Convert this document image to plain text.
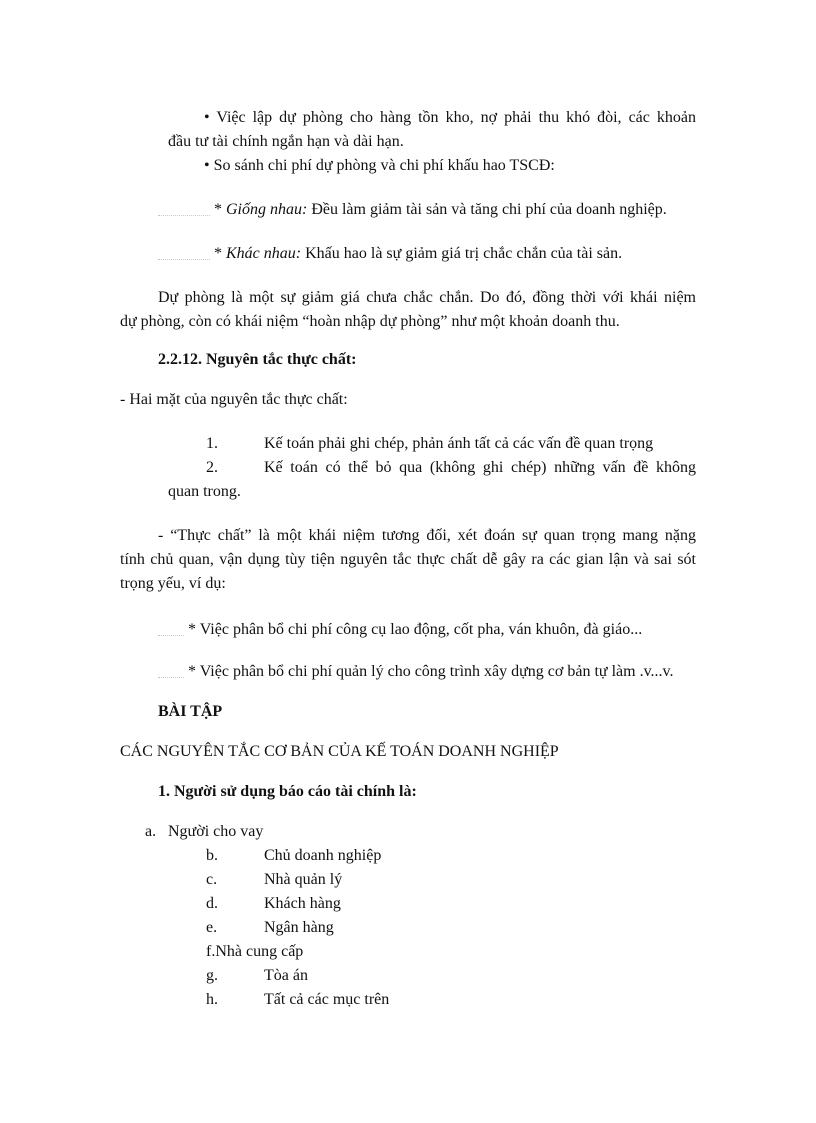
• Việc lập dự phòng cho hàng tồn kho, nợ phải thu khó đòi, các khoản
đầu tư tài chính ngắn hạn và dài hạn.
• So sánh chi phí dự phòng và chi phí khấu hao TSCĐ:
* Giống nhau: Đều làm giảm tài sản và tăng chi phí của doanh nghiệp.
* Khác nhau: Khấu hao là sự giảm giá trị chắc chắn của tài sản.
Dự phòng là một sự giảm giá chưa chắc chắn. Do đó, đồng thời với khái niệm
dự phòng, còn có khái niệm “hoàn nhập dự phòng” như một khoản doanh thu.
2.2.12. Nguyên tắc thực chất:
- Hai mặt của nguyên tắc thực chất:
1.	Kế toán phải ghi chép, phản ánh tất cả các vấn đề quan trọng
2.	Kế toán có thể bỏ qua (không ghi chép) những vấn đề không
quan trong.
- “Thực chất” là một khái niệm tương đối, xét đoán sự quan trọng mang nặng
tính chủ quan, vận dụng tùy tiện nguyên tắc thực chất dễ gây ra các gian lận và sai sót
trọng yếu, ví dụ:
* Việc phân bổ chi phí công cụ lao động, cốt pha, ván khuôn, đà giáo...
* Việc phân bổ chi phí quản lý cho công trình xây dựng cơ bản tự làm .v...v.
BÀI TẬP
CÁC NGUYÊN TẮC CƠ BẢN CỦA KẾ TOÁN DOANH NGHIỆP
1. Người sử dụng báo cáo tài chính là:
a. Người cho vay
b.	Chủ doanh nghiệp
c.	Nhà quản lý
d.	Khách hàng
e.	Ngân hàng
f.Nhà cung cấp
g.	Tòa án
h.	Tất cả các mục trên
